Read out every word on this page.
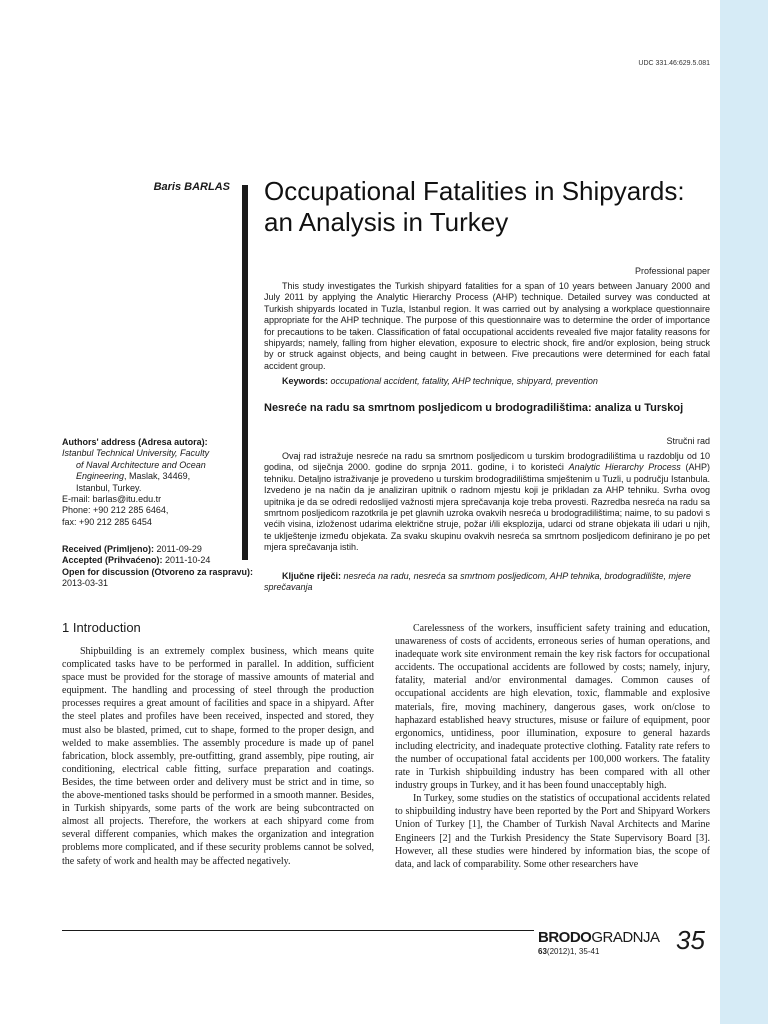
UDC 331.46:629.5.081
Baris BARLAS Occupational Fatalities in Shipyards: an Analysis in Turkey
Professional paper

This study investigates the Turkish shipyard fatalities for a span of 10 years between January 2000 and July 2011 by applying the Analytic Hierarchy Process (AHP) technique. Detailed survey was conducted at Turkish shipyards located in Tuzla, Istanbul region. It was carried out by analysing a workplace questionnaire appropriate for the AHP technique. The purpose of this questionnaire was to determine the order of importance for precautions to be taken. Classification of fatal occupational accidents revealed five major fatality reasons for shipyards; namely, falling from higher elevation, exposure to electric shock, fire and/or explosion, being struck by or struck against objects, and being caught in between. Five precautions were determined for each fatal accident group.

Keywords: occupational accident, fatality, AHP technique, shipyard, prevention
Nesreće na radu sa smrtnom posljedicom u brodogradilištima: analiza u Turskoj
Stručni rad

Ovaj rad istražuje nesreće na radu sa smrtnom posljedicom u turskim brodogradilištima u razdoblju od 10 godina, od siječnja 2000. godine do srpnja 2011. godine, i to koristeći Analytic Hierarchy Process (AHP) tehniku. Detaljno istraživanje je provedeno u turskim brodogradilištima smještenim u Tuzli, u području Istanbula. Izvedeno je na način da je analiziran upitnik o radnom mjestu koji je prikladan za AHP tehniku. Svrha ovog upitnika je da se odredi redoslijed važnosti mjera sprečavanja koje treba provesti. Razredba nesreća na radu sa smrtnom posljedicom razotkrila je pet glavnih uzroka ovakvih nesreća u brodogradilištima; naime, to su padovi s većih visina, izloženost udarima električne struje, požar i/ili eksplozija, udarci od strane objekata ili udari u njih, te uklještenje između objekata. Za svaku skupinu ovakvih nesreća sa smrtnom posljedicom definirano je po pet mjera sprečavanja istih.

Ključne riječi: nesreća na radu, nesreća sa smrtnom posljedicom, AHP tehnika, brodogradilište, mjere sprečavanja
Authors' address (Adresa autora):
Istanbul Technical University, Faculty
of Naval Architecture and Ocean
Engineering, Maslak, 34469,
Istanbul, Turkey.
E-mail: barlas@itu.edu.tr
Phone: +90 212 285 6464,
fax: +90 212 285 6454
Received (Primljeno): 2011-09-29
Accepted (Prihvaćeno): 2011-10-24
Open for discussion (Otvoreno za raspravu): 2013-03-31
1 Introduction

Shipbuilding is an extremely complex business, which means quite complicated tasks have to be performed in parallel. In addition, sufficient space must be provided for the storage of massive amounts of material and equipment. The handling and processing of steel through the production processes requires a great amount of facilities and space in a shipyard. After the steel plates and profiles have been received, inspected and stored, they must also be blasted, primed, cut to shape, formed to the proper design, and welded to make assemblies. The assembly procedure is made up of panel fabrication, block assembly, pre-outfitting, grand assembly, pipe routing, air conditioning, electrical cable fitting, surface preparation and coatings. Besides, the time between order and delivery must be strict and in time, so the above-mentioned tasks should be performed in a smooth manner. Besides, in Turkish shipyards, some parts of the work are being subcontracted on almost all projects. Therefore, the workers at each shipyard come from several different companies, which makes the organization and integration problems more complicated, and if these security problems cannot be solved, the safety of work and health may be affected negatively.

Carelessness of the workers, insufficient safety training and education, unawareness of costs of accidents, erroneous series of human operations, and inadequate work site environment remain the key risk factors for occupational accidents. The occupational accidents are followed by costs; namely, injury, fatality, material and/or environmental damages. Common causes of occupational accidents are high elevation, toxic, flammable and explosive materials, fire, moving machinery, dangerous gases, work on/close to haphazard established heavy structures, misuse or failure of equipment, poor ergonomics, untidiness, poor illumination, exposure to general hazards including electricity, and inadequate protective clothing. Fatality rate refers to the number of occupational fatal accidents per 100,000 workers. The fatality rate in Turkish shipbuilding industry has been compared with all other industry groups in Turkey, and it has been found unacceptably high.

In Turkey, some studies on the statistics of occupational accidents related to shipbuilding industry have been reported by the Port and Shipyard Workers Union of Turkey [1], the Chamber of Turkish Naval Architects and Marine Engineers [2] and the Turkish Presidency the State Supervisory Board [3]. However, all these studies were hindered by information bias, the scope of data, and lack of comparability. Some other researchers have

BRODOGRADNJA
63(2012)1, 35-41	35
